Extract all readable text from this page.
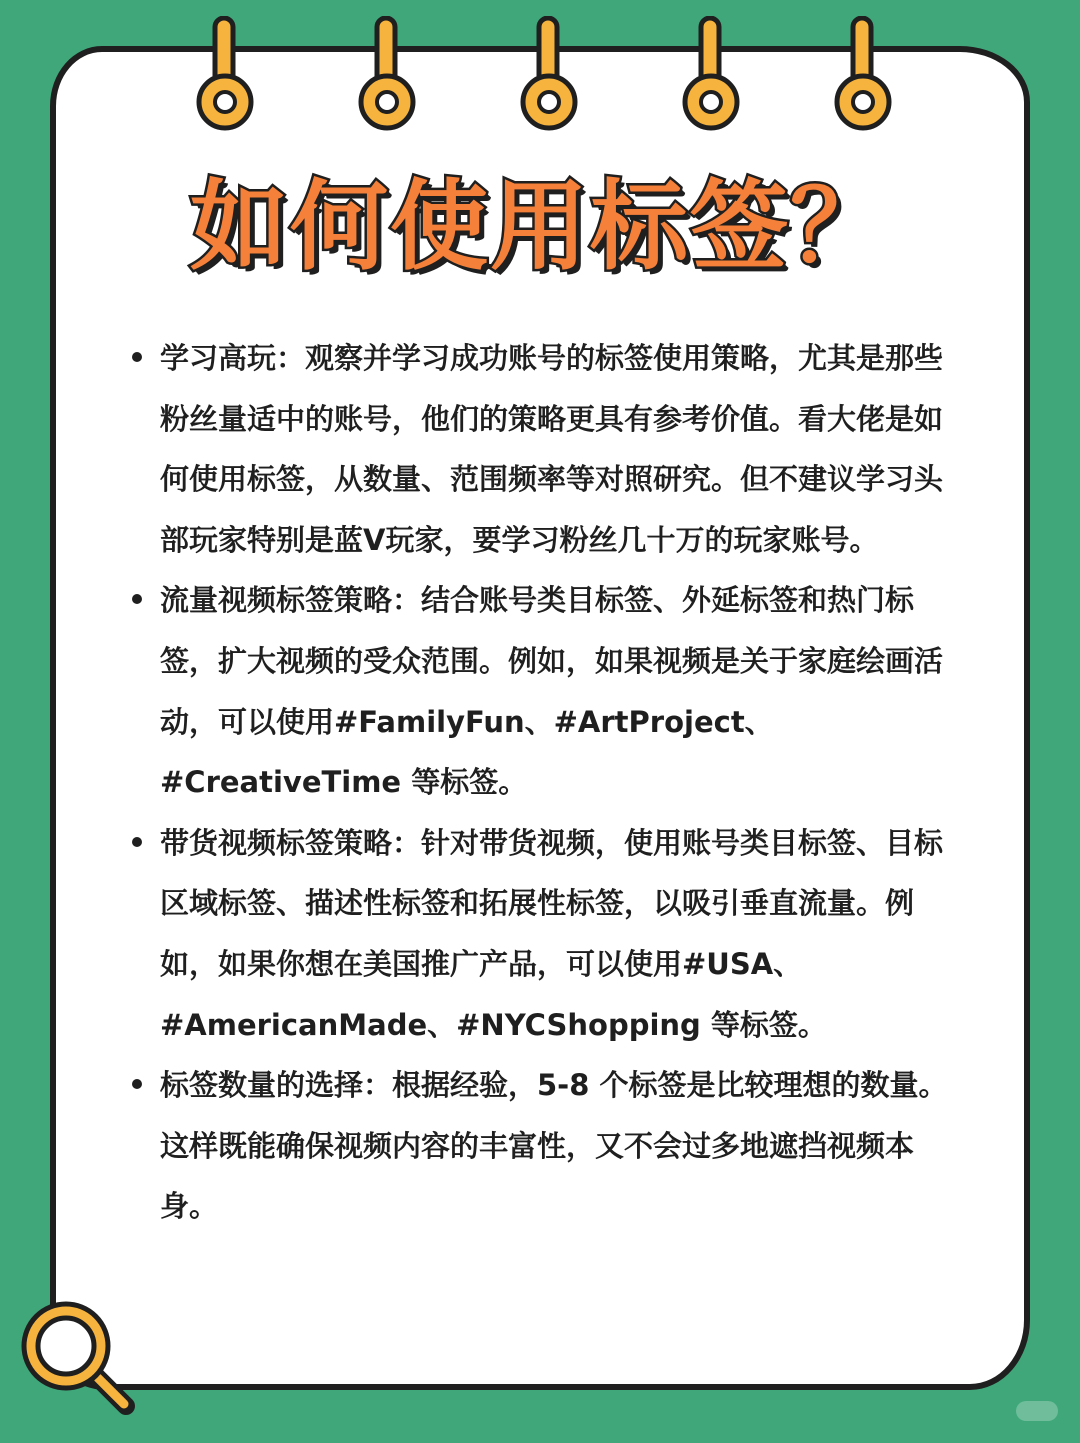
如何使用标签？

学习高玩：观察并学习成功账号的标签使用策略，尤其是那些粉丝量适中的账号，他们的策略更具有参考价值。看大佬是如何使用标签，从数量、范围频率等对照研究。但不建议学习头部玩家特别是蓝V玩家，要学习粉丝几十万的玩家账号。

流量视频标签策略：结合账号类目标签、外延标签和热门标签，扩大视频的受众范围。例如，如果视频是关于家庭绘画活动，可以使用#FamilyFun、#ArtProject、#CreativeTime 等标签。

带货视频标签策略：针对带货视频，使用账号类目标签、目标区域标签、描述性标签和拓展性标签，以吸引垂直流量。例如，如果你想在美国推广产品，可以使用#USA、#AmericanMade、#NYCShopping 等标签。

标签数量的选择：根据经验，5-8 个标签是比较理想的数量。这样既能确保视频内容的丰富性，又不会过多地遮挡视频本身。
